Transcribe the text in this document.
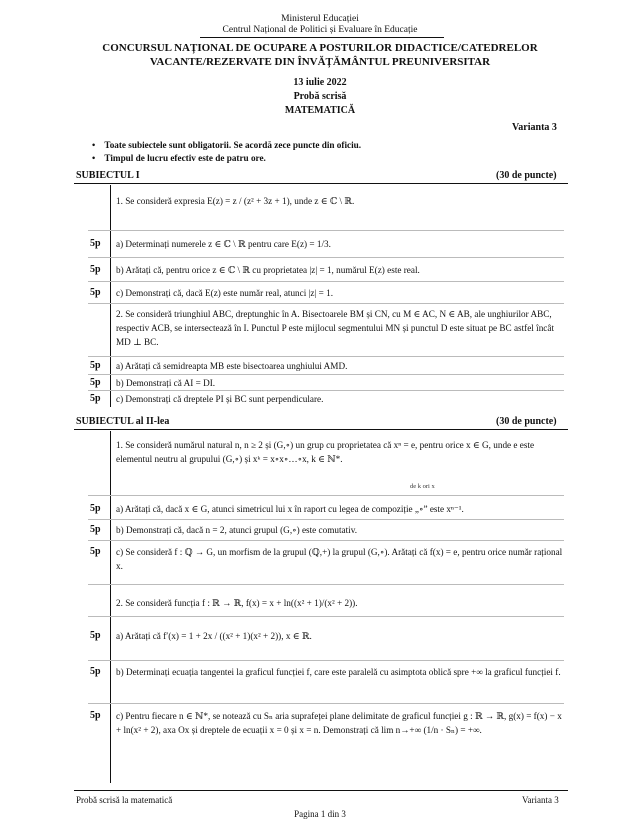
Ministerul Educației
Centrul Național de Politici și Evaluare în Educație
CONCURSUL NAȚIONAL DE OCUPARE A POSTURILOR DIDACTICE/CATEDRELOR
VACANTE/REZERVATE DIN ÎNVĂȚĂMÂNTUL PREUNIVERSITAR
13 iulie 2022
Probă scrisă
MATEMATICĂ
Varianta 3
•    Toate subiectele sunt obligatorii. Se acordă zece puncte din oficiu.
•    Timpul de lucru efectiv este de patru ore.
SUBIECTUL I	(30 de puncte)
1. Se consideră expresia E(z) = z / (z² + 3z + 1), unde z ∈ ℂ \ ℝ.
5p a) Determinați numerele z ∈ ℂ \ ℝ pentru care E(z) = 1/3.
5p b) Arătați că, pentru orice z ∈ ℂ \ ℝ cu proprietatea |z| = 1, numărul E(z) este real.
5p c) Demonstrați că, dacă E(z) este număr real, atunci |z| = 1.
2. Se consideră triunghiul ABC, dreptunghic în A. Bisectoarele BM și CN, cu M ∈ AC, N ∈ AB, ale unghiurilor ABC, respectiv ACB, se intersectează în I. Punctul P este mijlocul segmentului MN și punctul D este situat pe BC astfel încât MD ⊥ BC.
5p a) Arătați că semidreapta MB este bisectoarea unghiului AMD.
5p b) Demonstrați că AI = DI.
5p c) Demonstrați că dreptele PI și BC sunt perpendiculare.
SUBIECTUL al II-lea	(30 de puncte)
1. Se consideră numărul natural n, n ≥ 2 și (G,∘) un grup cu proprietatea că xⁿ = e, pentru orice x ∈ G, unde e este elementul neutru al grupului (G,∘) și xᵏ = x∘x∘…∘x, k ∈ ℕ*.
de k ori x
5p a) Arătați că, dacă x ∈ G, atunci simetricul lui x în raport cu legea de compoziție „∘” este xⁿ⁻¹.
5p b) Demonstrați că, dacă n = 2, atunci grupul (G,∘) este comutativ.
5p c) Se consideră f : ℚ → G, un morfism de la grupul (ℚ,+) la grupul (G,∘). Arătați că f(x) = e, pentru orice număr rațional x.
2. Se consideră funcția f : ℝ → ℝ, f(x) = x + ln((x² + 1)/(x² + 2)).
5p a) Arătați că f′(x) = 1 + 2x / ((x² + 1)(x² + 2)), x ∈ ℝ.
5p b) Determinați ecuația tangentei la graficul funcției f, care este paralelă cu asimptota oblică spre +∞ la graficul funcției f.
5p c) Pentru fiecare n ∈ ℕ*, se notează cu Sₙ aria suprafeței plane delimitate de graficul funcției g : ℝ → ℝ, g(x) = f(x) − x + ln(x² + 2), axa Ox și dreptele de ecuații x = 0 și x = n. Demonstrați că lim n→+∞ (1/n · Sₙ) = +∞.
Probă scrisă la matematică	Varianta 3
Pagina 1 din 3
